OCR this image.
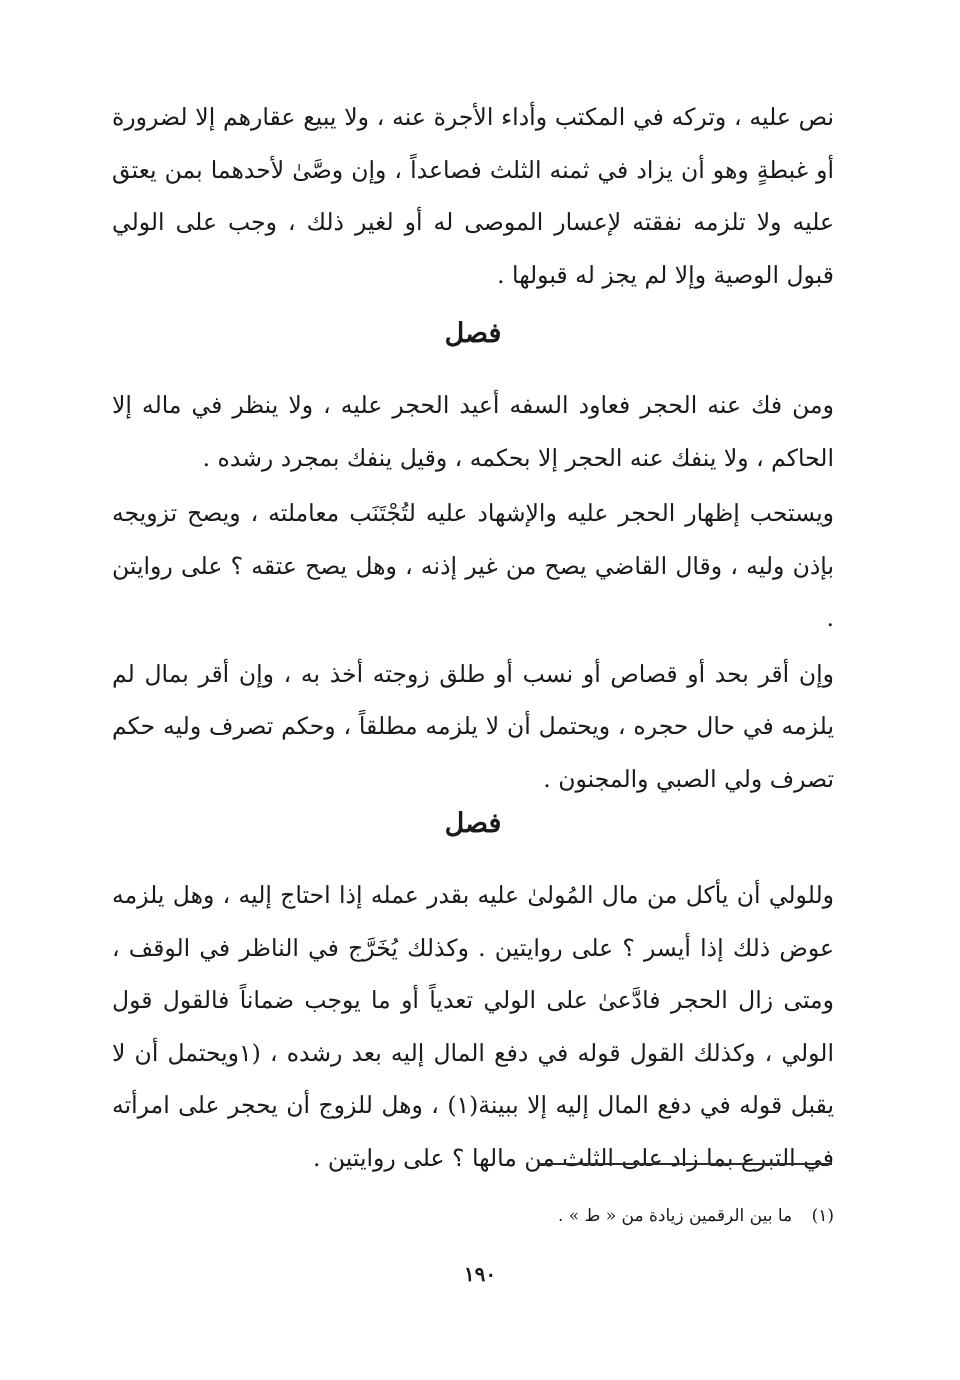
نص عليه ، وتركه في المكتب وأداء الأجرة عنه ، ولا يبيع عقارهم إلا لضرورة أو غبطةٍ وهو أن يزاد في ثمنه الثلث فصاعداً ، وإن وصَّىٰ لأحدهما بمن يعتق عليه ولا تلزمه نفقته لإعسار الموصى له أو لغير ذلك ، وجب على الولي قبول الوصية وإلا لم يجز له قبولها .

فصل

ومن فك عنه الحجر فعاود السفه أعيد الحجر عليه ، ولا ينظر في ماله إلا الحاكم ، ولا ينفك عنه الحجر إلا بحكمه ، وقيل ينفك بمجرد رشده .

ويستحب إظهار الحجر عليه والإشهاد عليه لتُجْتَنَب معاملته ، ويصح تزويجه بإذن وليه ، وقال القاضي يصح من غير إذنه ، وهل يصح عتقه ؟ على روايتن .

وإن أقر بحد أو قصاص أو نسب أو طلق زوجته أخذ به ، وإن أقر بمال لم يلزمه في حال حجره ، ويحتمل أن لا يلزمه مطلقاً ، وحكم تصرف وليه حكم تصرف ولي الصبي والمجنون .

فصل

وللولي أن يأكل من مال المُولىٰ عليه بقدر عمله إذا احتاج إليه ، وهل يلزمه عوض ذلك إذا أيسر ؟ على روايتين . وكذلك يُخَرَّج في الناظر في الوقف ، ومتى زال الحجر فادَّعىٰ على الولي تعدياً أو ما يوجب ضماناً فالقول قول الولي ، وكذلك القول قوله في دفع المال إليه بعد رشده ، (١ويحتمل أن لا يقبل قوله في دفع المال إليه إلا ببينة(١) ، وهل للزوج أن يحجر على امرأته في التبرع بما زاد على الثلث من مالها ؟ على روايتين .

(١) ما بين الرقمين زيادة من « ط » .

١٩٠
